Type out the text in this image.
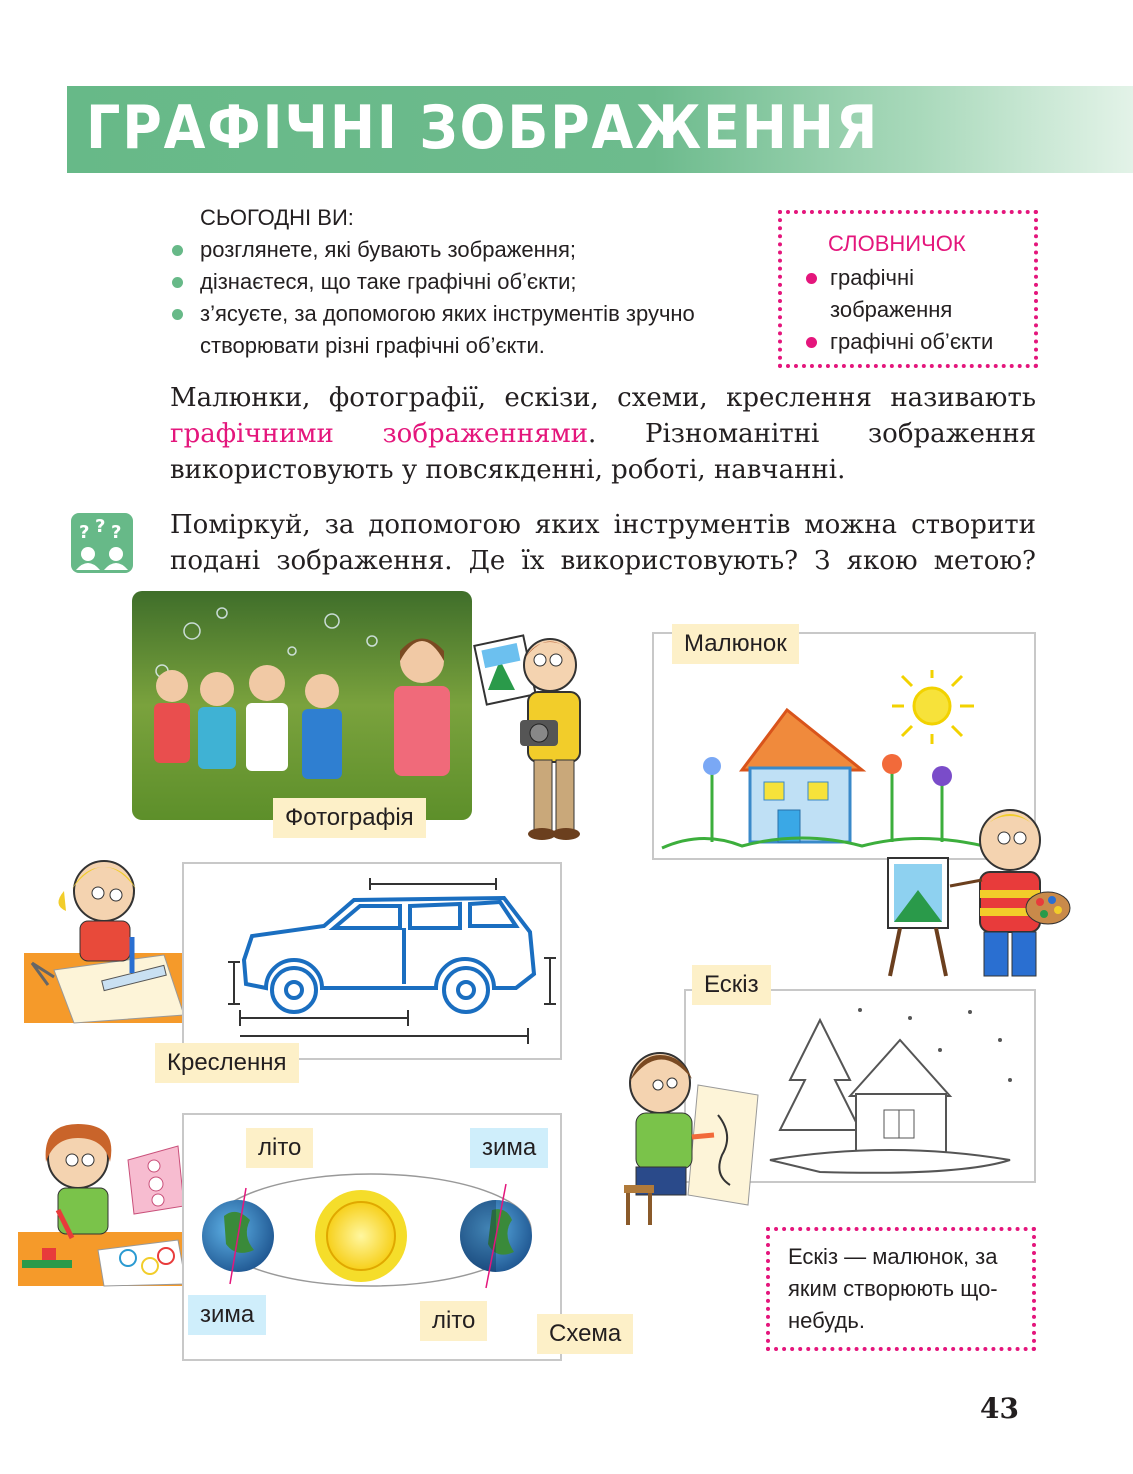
ГРАФІЧНІ ЗОБРАЖЕННЯ
СЬОГОДНІ ВИ:
розглянете, які бувають зображення;
дізнаєтеся, що таке графічні об’єкти;
з’ясуєте, за допомогою яких інструментів зручно створювати різні графічні об’єкти.
СЛОВНИЧОК
графічні зображення
графічні об’єкти

Малюнки, фотографії, ескізи, схеми, креслення називають графічними зображеннями. Різноманітні зображення використовують у повсякденні, роботі, навчанні.

? ? ? Поміркуй, за допомогою яких інструментів можна створити подані зображення. Де їх використовують? З якою метою?

Фотографія
Малюнок
Креслення
Ескіз
літо	зима
зима	літо	Схема
Ескіз — малюнок, за яким створюють що-небудь.
43
